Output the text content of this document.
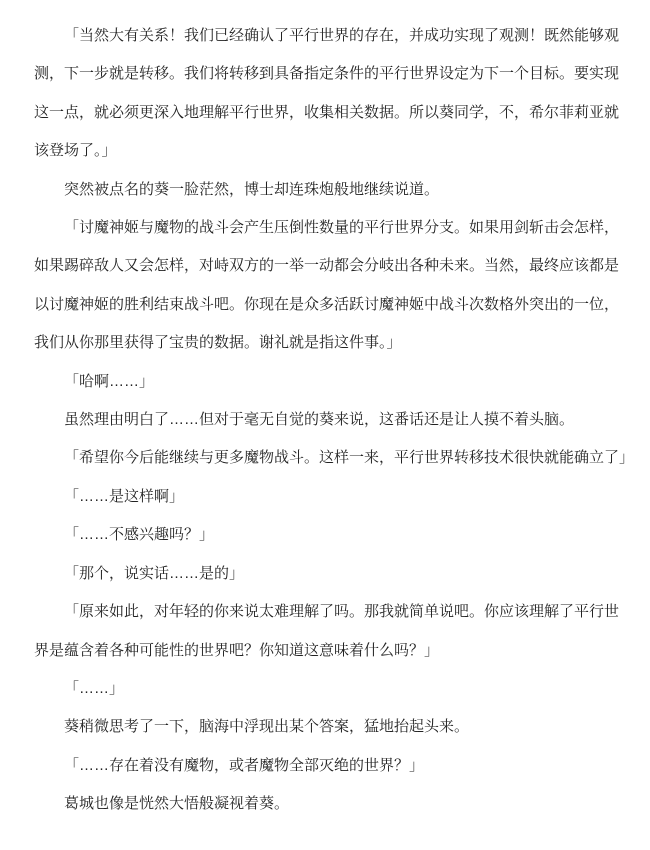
「当然大有关系！我们已经确认了平行世界的存在，并成功实现了观测！既然能够观
测，下一步就是转移。我们将转移到具备指定条件的平行世界设定为下一个目标。要实现
这一点，就必须更深入地理解平行世界，收集相关数据。所以葵同学，不，希尔菲莉亚就
该登场了。」

突然被点名的葵一脸茫然，博士却连珠炮般地继续说道。

「讨魔神姬与魔物的战斗会产生压倒性数量的平行世界分支。如果用剑斩击会怎样，
如果踢碎敌人又会怎样，对峙双方的一举一动都会分岐出各种未来。当然，最终应该都是
以讨魔神姬的胜利结束战斗吧。你现在是众多活跃讨魔神姬中战斗次数格外突出的一位，
我们从你那里获得了宝贵的数据。谢礼就是指这件事。」

「哈啊……」

虽然理由明白了……但对于毫无自觉的葵来说，这番话还是让人摸不着头脑。

「希望你今后能继续与更多魔物战斗。这样一来，平行世界转移技术很快就能确立了」

「……是这样啊」

「……不感兴趣吗？」

「那个，说实话……是的」

「原来如此，对年轻的你来说太难理解了吗。那我就简单说吧。你应该理解了平行世
界是蕴含着各种可能性的世界吧？你知道这意味着什么吗？」

「……」

葵稍微思考了一下，脑海中浮现出某个答案，猛地抬起头来。

「……存在着没有魔物，或者魔物全部灭绝的世界？」

葛城也像是恍然大悟般凝视着葵。
